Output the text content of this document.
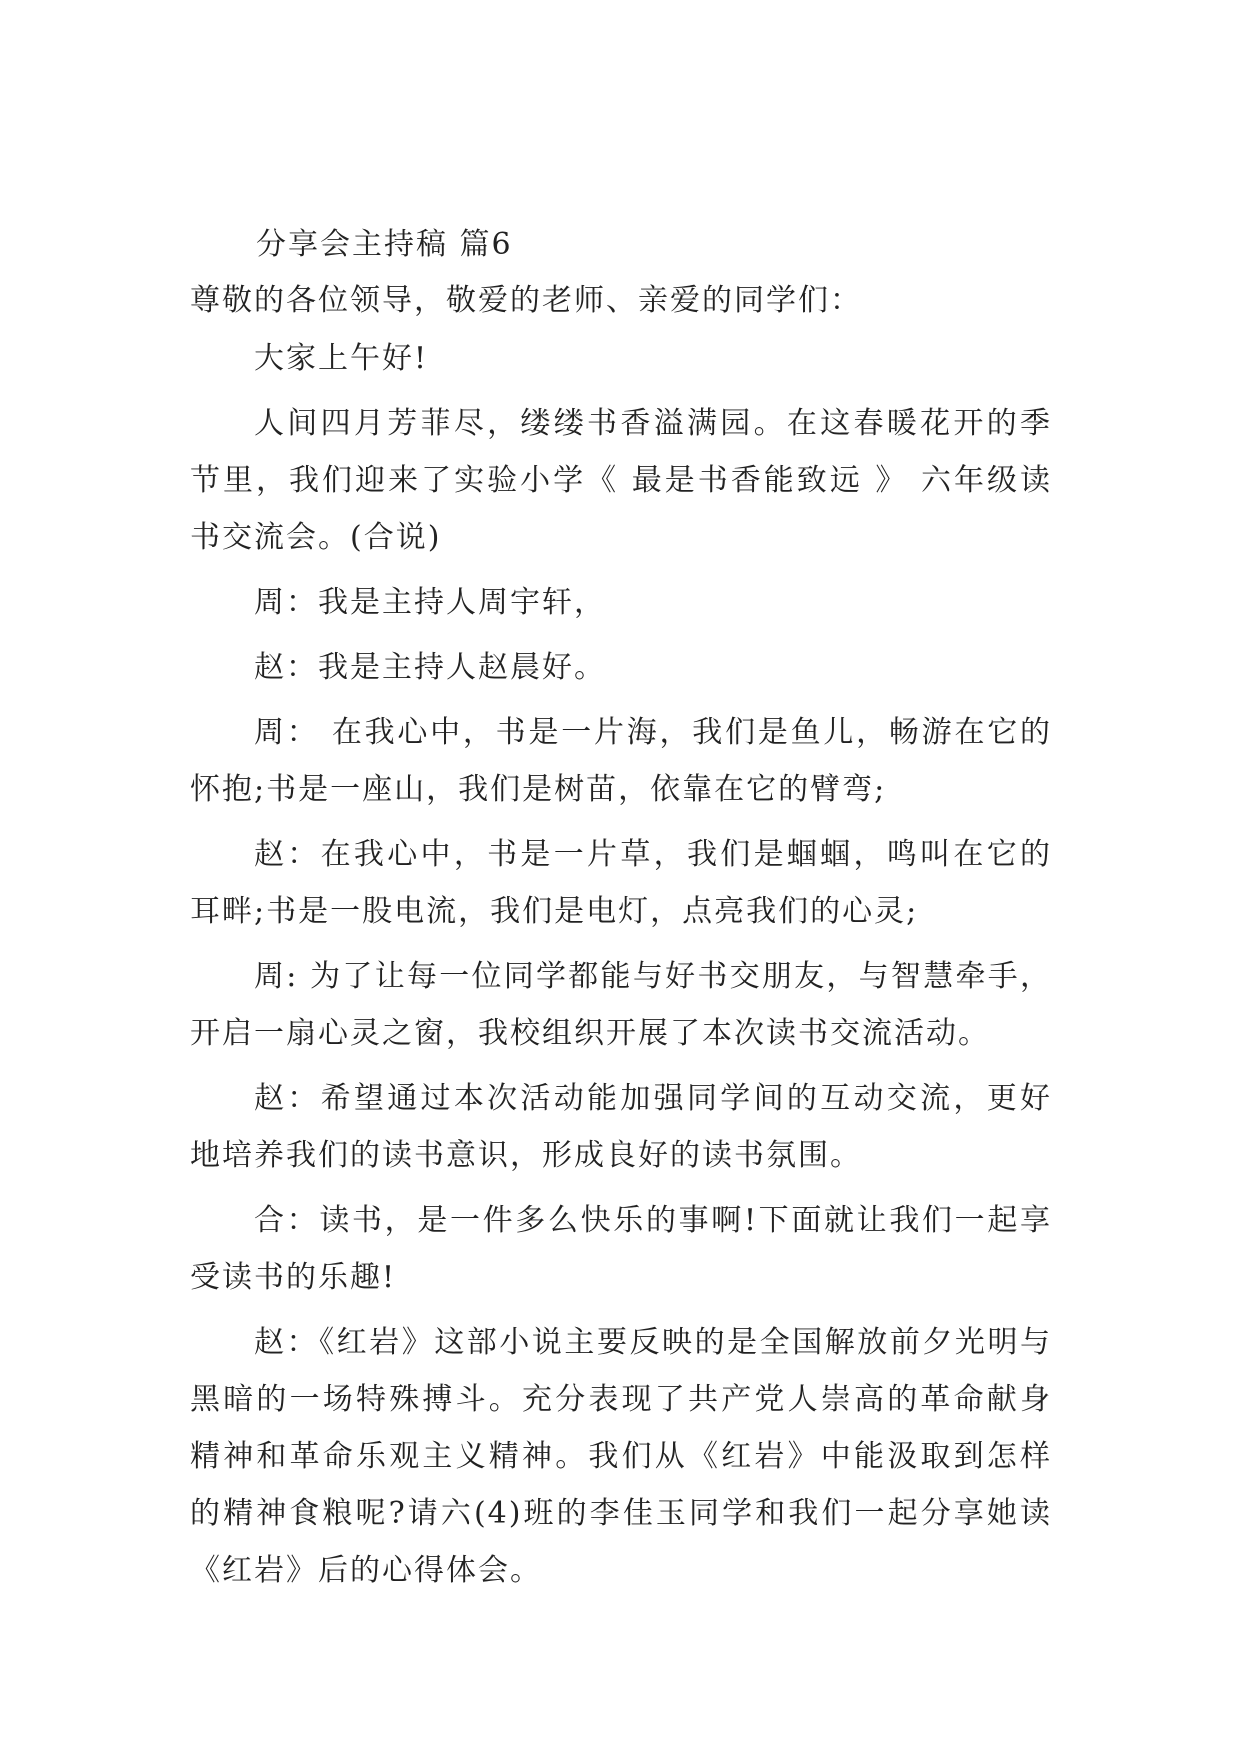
分享会主持稿 篇6

尊敬的各位领导，敬爱的老师、亲爱的同学们：

大家上午好!

人间四月芳菲尽，缕缕书香溢满园。在这春暖花开的季节里，我们迎来了实验小学《 最是书香能致远 》 六年级读书交流会。(合说)

周：我是主持人周宇轩，

赵：我是主持人赵晨好。

周： 在我心中，书是一片海，我们是鱼儿，畅游在它的怀抱;书是一座山，我们是树苗，依靠在它的臂弯;

赵：在我心中，书是一片草，我们是蝈蝈，鸣叫在它的耳畔;书是一股电流，我们是电灯，点亮我们的心灵;

周: 为了让每一位同学都能与好书交朋友，与智慧牵手，开启一扇心灵之窗，我校组织开展了本次读书交流活动。

赵：希望通过本次活动能加强同学间的互动交流，更好地培养我们的读书意识，形成良好的读书氛围。

合：读书，是一件多么快乐的事啊!下面就让我们一起享受读书的乐趣!

赵：《红岩》这部小说主要反映的是全国解放前夕光明与黑暗的一场特殊搏斗。充分表现了共产党人崇高的革命献身精神和革命乐观主义精神。我们从《红岩》中能汲取到怎样的精神食粮呢?请六(4)班的李佳玉同学和我们一起分享她读《红岩》后的心得体会。
